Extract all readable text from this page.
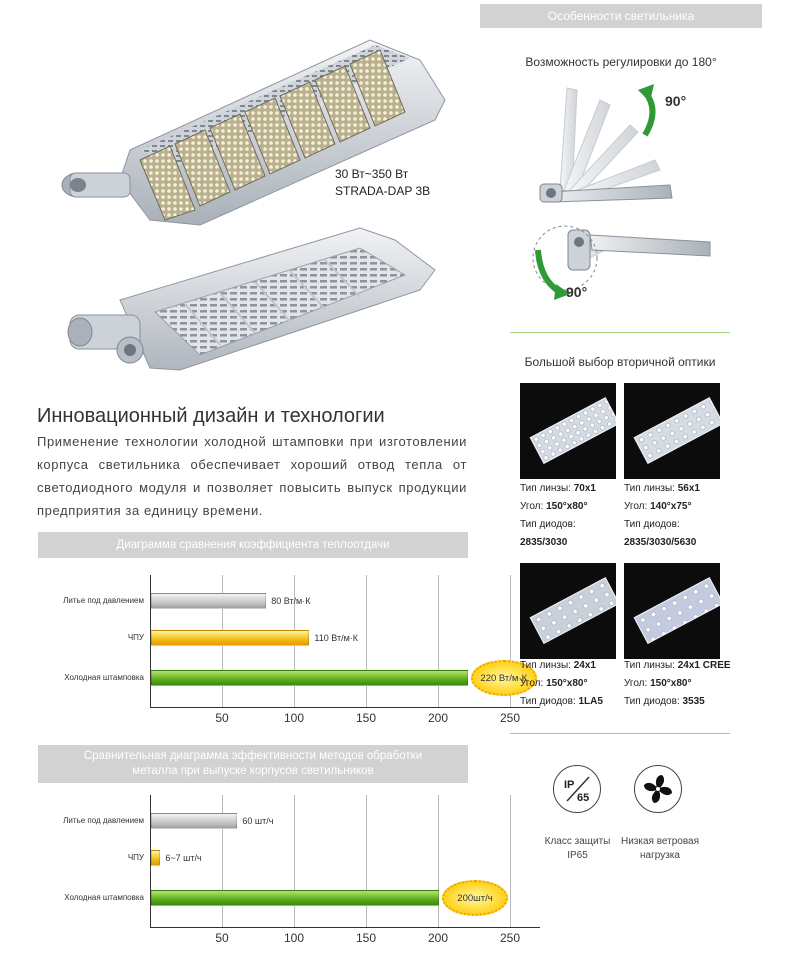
30 Вт~350 Вт
STRADA-DAP 3В
Инновационный дизайн и технологии
Применение технологии холодной штамповки при изготовлении корпуса светильника обеспечивает хороший отвод тепла от светодиодного модуля и позволяет повысить выпуск продукции предприятия за единицу времени.
Диаграмма сравнения коэффициента теплоотдачи
50	100	150	200	250
Литье под давлением	80 Вт/м·К
ЧПУ	110 Вт/м·К
Холодная штамповка	220 Вт/м·К
Сравнительная диаграмма эффективности методов обработки
металла при выпуске корпусов светильников
50	100	150	200	250
Литье под давлением	60 шт/ч
ЧПУ 6~7 шт/ч
Холодная штамповка	200шт/ч
Особенности светильника
Возможность регулировки до 180°
90°
90°
Большой выбор вторичной оптики
Тип линзы: 70x1
Угол: 150°x80°
Тип диодов:
2835/3030
Тип линзы: 56x1
Угол: 140°x75°
Тип диодов:
2835/3030/5630
Тип линзы: 24x1
Угол: 150°x80°
Тип диодов: 1LA5
Тип линзы: 24x1 CREE
Угол: 150°x80°
Тип диодов: 3535
IP
65
Класс защиты
IP65
Низкая ветровая
нагрузка
